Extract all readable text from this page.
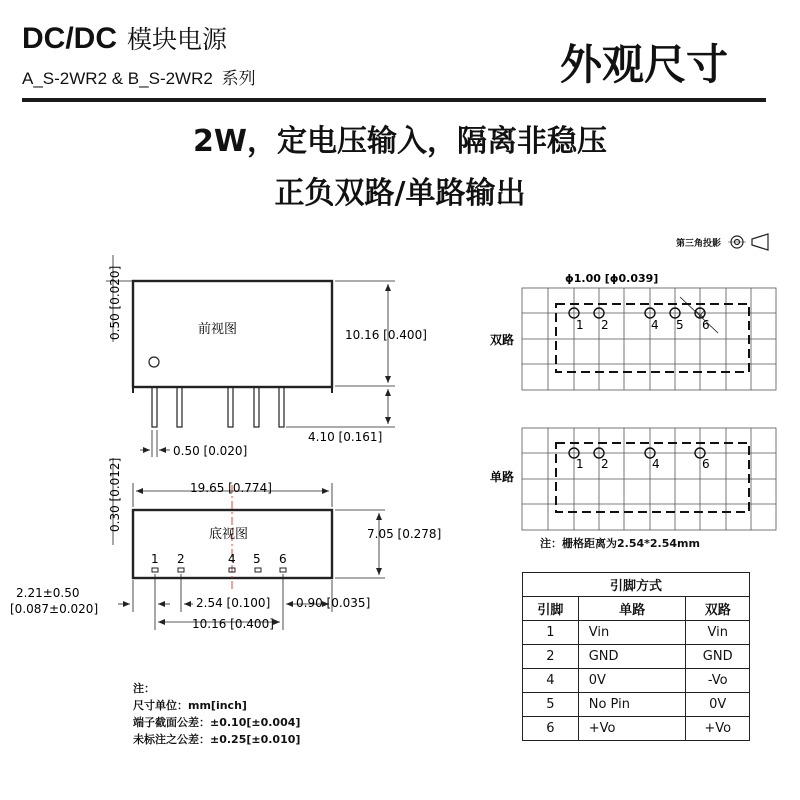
DC/DC 模块电源
A_S-2WR2 & B_S-2WR2 系列	外观尺寸
2W，定电压输入，隔离非稳压
正负双路/单路输出
第三角投影
前视图	10.16 [0.400]
4.10 [0.161]
0.50 [0.020]
0.50 [0.020]
底视图
19.65 [0.774]
7.05 [0.278]
0.30 [0.012]
1 2	4 5 6
2.21±0.50
[0.087±0.020]	2.54 [0.100] 0.90 [0.035]
10.16 [0.400]
ϕ1.00 [ϕ0.039]
双路
1 2	4 5 6
单路
1 2	4	6
注：栅格距离为2.54*2.54mm
引脚方式		
引脚	单路	双路
1	Vin	Vin
2	GND	GND
4	0V	-Vo
5	No Pin	0V
6	+Vo	+Vo
注：
尺寸单位：mm[inch]
端子截面公差：±0.10[±0.004]
未标注之公差：±0.25[±0.010]
